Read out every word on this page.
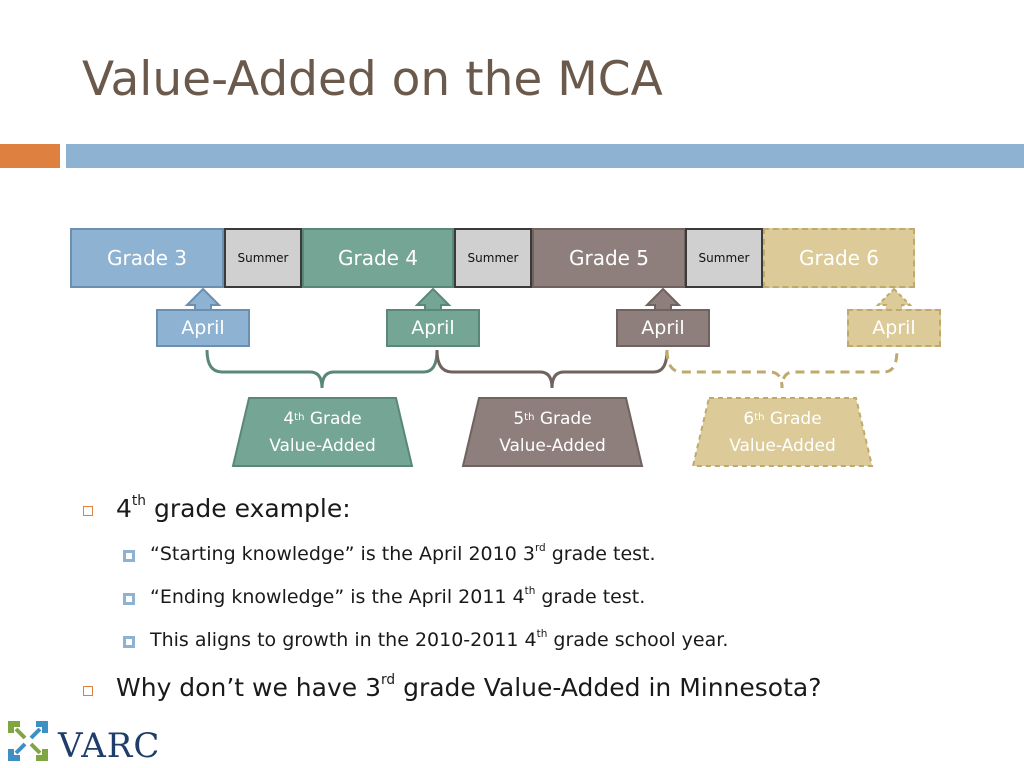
Value-Added on the MCA
Grade 3	Summer Grade 4	Summer	Grade 5	Summer Grade 6
April	April	April	April
4th Grade
Value-Added
5th Grade
Value-Added
6th Grade
Value-Added
4th grade example:
“Starting knowledge” is the April 2010 3rd grade test.
“Ending knowledge” is the April 2011 4th grade test.
This aligns to growth in the 2010-2011 4th grade school year.
Why don’t we have 3rd grade Value-Added in Minnesota?
VARC
